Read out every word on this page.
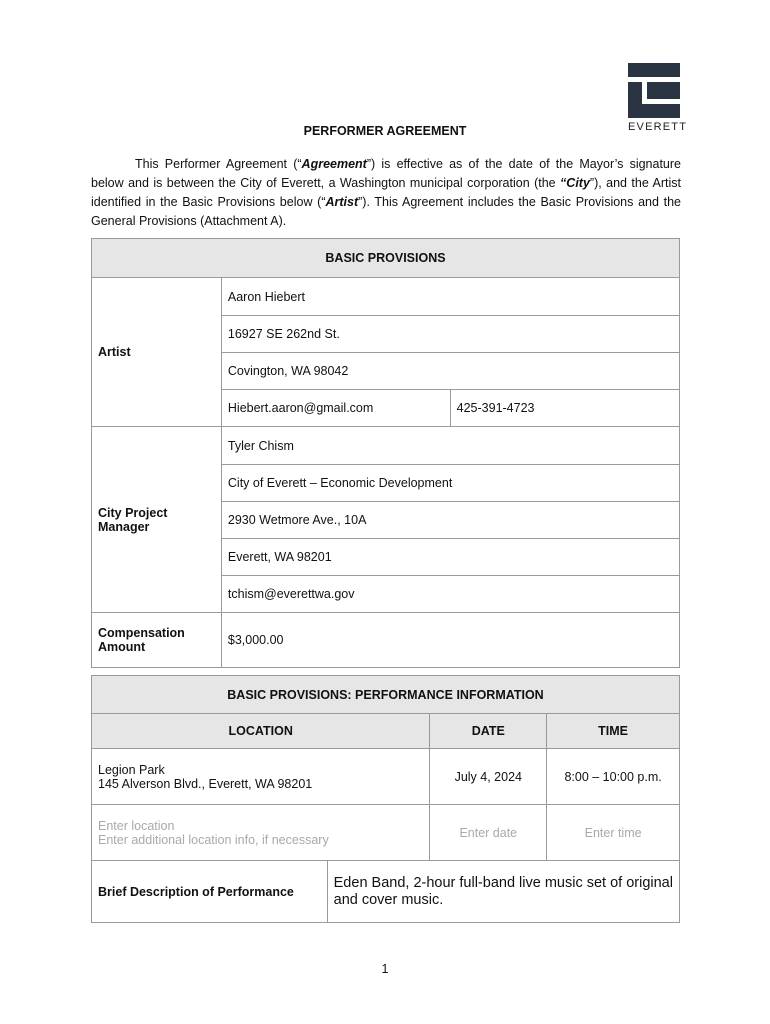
EVERETT
PERFORMER AGREEMENT
This Performer Agreement (“Agreement”) is effective as of the date of the Mayor’s signature below and is between the City of Everett, a Washington municipal corporation (the “City”), and the Artist identified in the Basic Provisions below (“Artist”). This Agreement includes the Basic Provisions and the General Provisions (Attachment A).
BASIC PROVISIONS		
Artist	Aaron Hiebert	
	16927 SE 262nd St.	
	Covington, WA 98042	
	Hiebert.aaron@gmail.com	425-391-4723
City Project Manager	Tyler Chism	
	City of Everett – Economic Development	
	2930 Wetmore Ave., 10A	
	Everett, WA 98201	
	tchism@everettwa.gov	
Compensation Amount	$3,000.00	
BASIC PROVISIONS: PERFORMANCE INFORMATION			
LOCATION		DATE	TIME

Legion Park
145 Alverson Blvd., Everett, WA 98201		July 4, 2024	8:00 – 10:00 p.m.

Enter location
Enter additional location info, if necessary		Enter date	Enter time
Brief Description of Performance	Eden Band, 2-hour full-band live music set of original and cover music.		
1
